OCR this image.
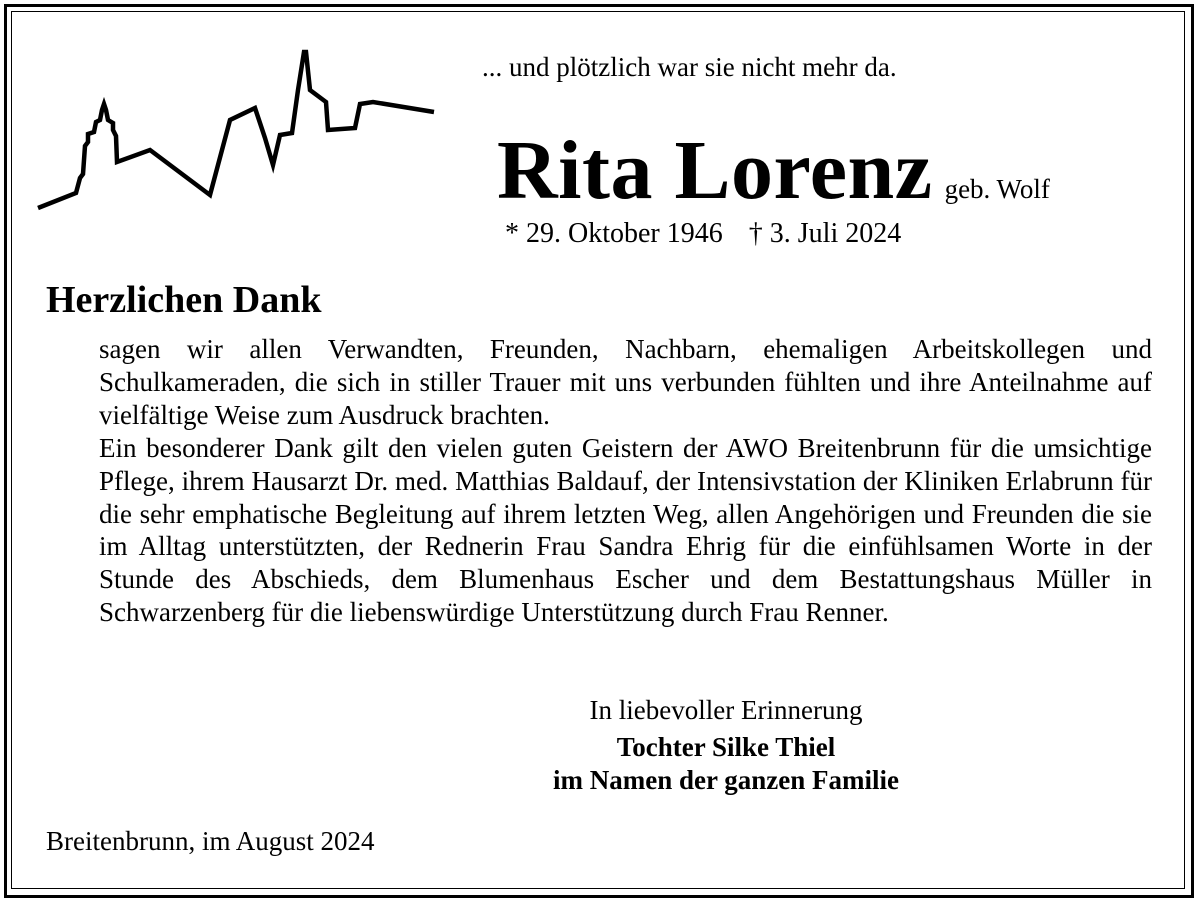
... und plötzlich war sie nicht mehr da.
Rita Lorenz geb. Wolf
* 29. Oktober 1946 † 3. Juli 2024
Herzlichen Dank

sagen wir allen Verwandten, Freunden, Nachbarn, ehemaligen Arbeitskollegen und Schulkameraden, die sich in stiller Trauer mit uns verbunden fühlten und ihre Anteilnahme auf vielfältige Weise zum Ausdruck brachten.

Ein besonderer Dank gilt den vielen guten Geistern der AWO Breitenbrunn für die umsichtige Pflege, ihrem Hausarzt Dr. med. Matthias Baldauf, der Intensivstation der Kliniken Erlabrunn für die sehr emphatische Begleitung auf ihrem letzten Weg, allen Angehörigen und Freunden die sie im Alltag unterstützten, der Rednerin Frau Sandra Ehrig für die einfühlsamen Worte in der Stunde des Abschieds, dem Blumenhaus Escher und dem Bestattungshaus Müller in Schwarzenberg für die liebenswürdige Unterstützung durch Frau Renner.

In liebevoller Erinnerung
Tochter Silke Thiel
im Namen der ganzen Familie
Breitenbrunn, im August 2024
